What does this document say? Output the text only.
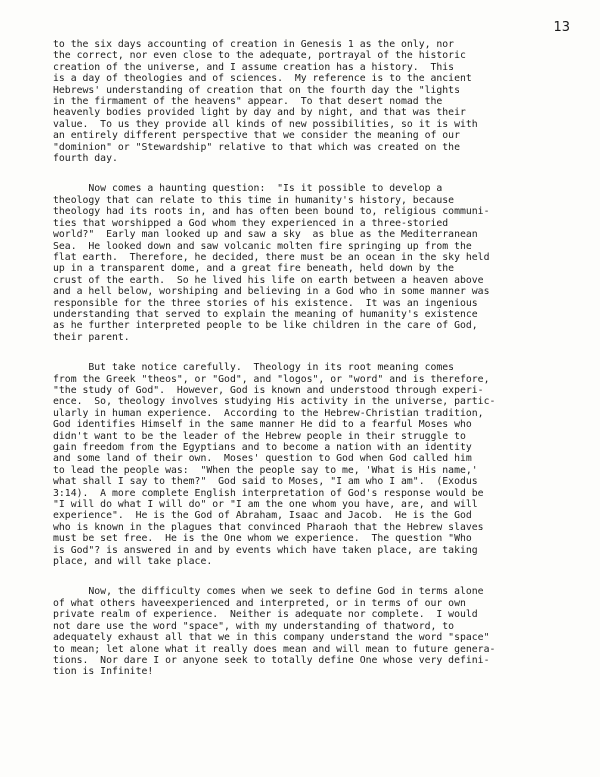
13
to the six days accounting of creation in Genesis 1 as the only, nor
the correct, nor even close to the adequate, portrayal of the historic
creation of the universe, and I assume creation has a history.  This
is a day of theologies and of sciences.  My reference is to the ancient
Hebrews' understanding of creation that on the fourth day the "lights
in the firmament of the heavens" appear.  To that desert nomad the
heavenly bodies provided light by day and by night, and that was their
value.  To us they provide all kinds of new possibilities, so it is with
an entirely different perspective that we consider the meaning of our
"dominion" or "Stewardship" relative to that which was created on the
fourth day.
Now comes a haunting question:  "Is it possible to develop a
theology that can relate to this time in humanity's history, because
theology had its roots in, and has often been bound to, religious communi-
ties that worshipped a God whom they experienced in a three-storied
world?"  Early man looked up and saw a sky  as blue as the Mediterranean
Sea.  He looked down and saw volcanic molten fire springing up from the
flat earth.  Therefore, he decided, there must be an ocean in the sky held
up in a transparent dome, and a great fire beneath, held down by the
crust of the earth.  So he lived his life on earth between a heaven above
and a hell below, worshiping and believing in a God who in some manner was
responsible for the three stories of his existence.  It was an ingenious
understanding that served to explain the meaning of humanity's existence
as he further interpreted people to be like children in the care of God,
their parent.
But take notice carefully.  Theology in its root meaning comes
from the Greek "theos", or "God", and "logos", or "word" and is therefore,
"the study of God".  However, God is known and understood through experi-
ence.  So, theology involves studying His activity in the universe, partic-
ularly in human experience.  According to the Hebrew-Christian tradition,
God identifies Himself in the same manner He did to a fearful Moses who
didn't want to be the leader of the Hebrew people in their struggle to
gain freedom from the Egyptians and to become a nation with an identity
and some land of their own.  Moses' question to God when God called him
to lead the people was:  "When the people say to me, 'What is His name,'
what shall I say to them?"  God said to Moses, "I am who I am".  (Exodus
3:14).  A more complete English interpretation of God's response would be
"I will do what I will do" or "I am the one whom you have, are, and will
experience".  He is the God of Abraham, Isaac and Jacob.  He is the God
who is known in the plagues that convinced Pharaoh that the Hebrew slaves
must be set free.  He is the One whom we experience.  The question "Who
is God"? is answered in and by events which have taken place, are taking
place, and will take place.
Now, the difficulty comes when we seek to define God in terms alone
of what others haveexperienced and interpreted, or in terms of our own
private realm of experience.  Neither is adequate nor complete.  I would
not dare use the word "space", with my understanding of thatword, to
adequately exhaust all that we in this company understand the word "space"
to mean; let alone what it really does mean and will mean to future genera-
tions.  Nor dare I or anyone seek to totally define One whose very defini-
tion is Infinite!
